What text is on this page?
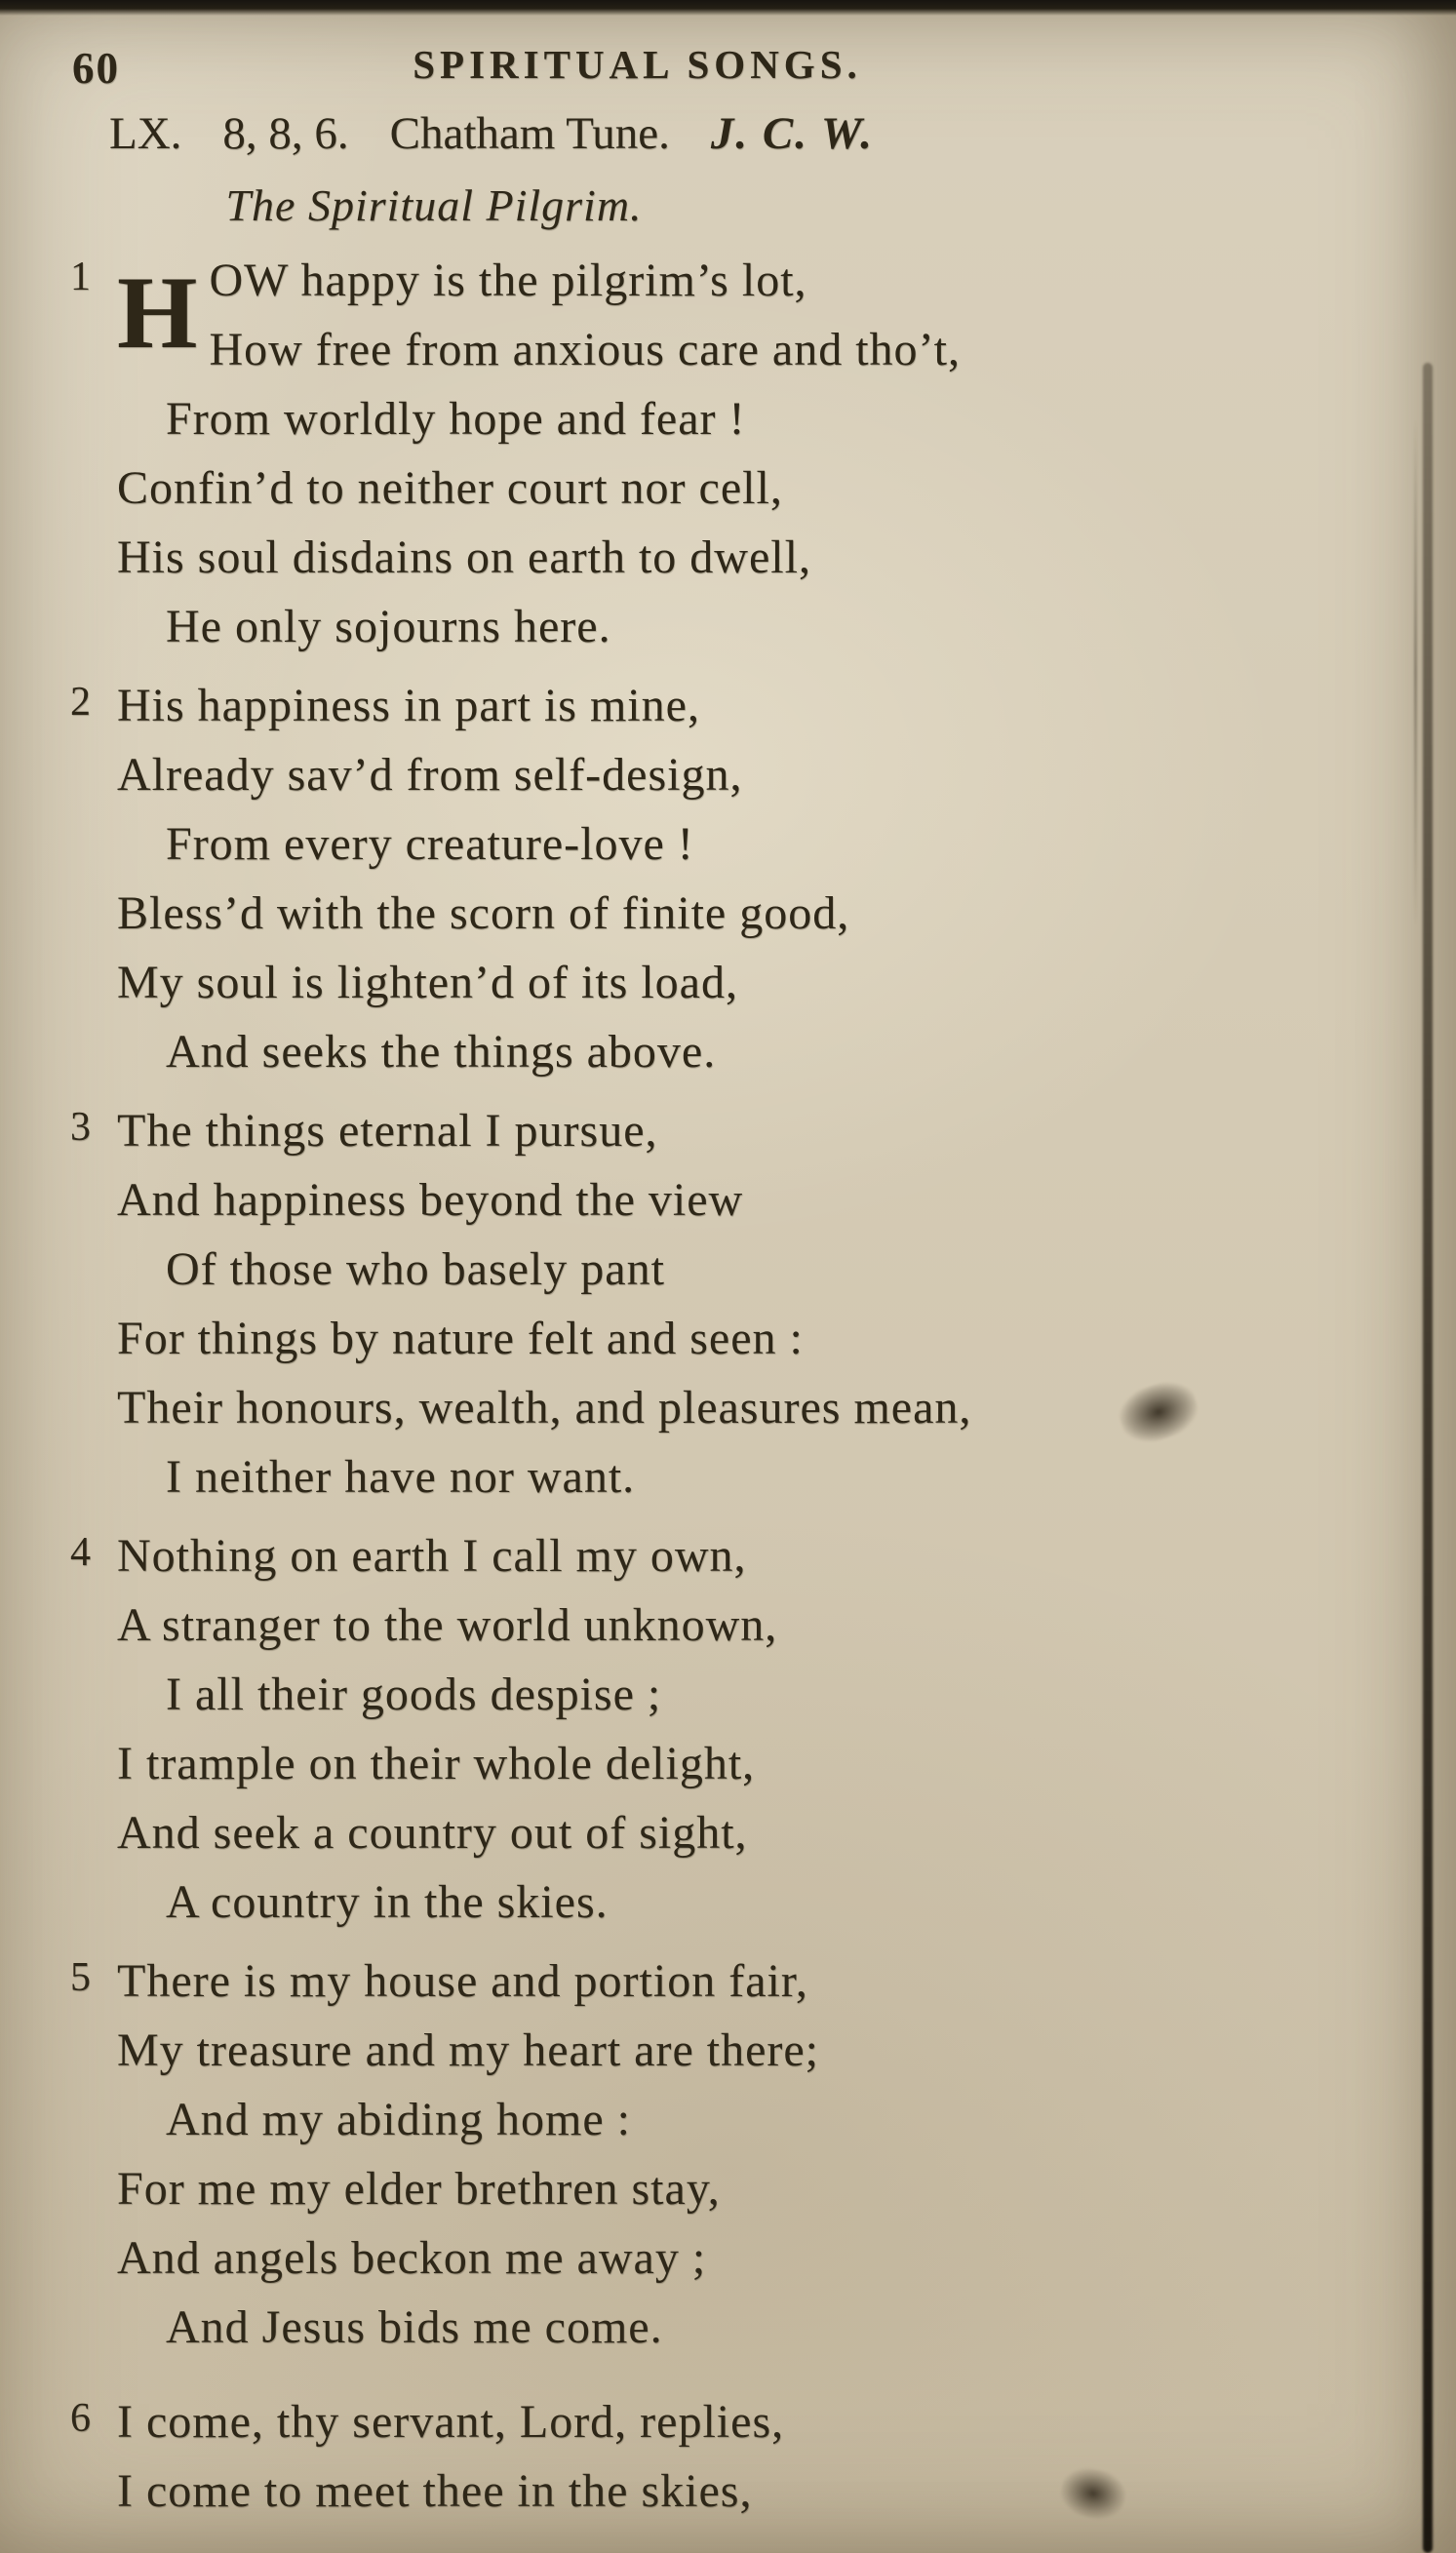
60	SPIRITUAL SONGS.
LX. 8, 8, 6. Chatham Tune. J. C. W.
The Spiritual Pilgrim.
1 H OW happy is the pilgrim’s lot,
How free from anxious care and tho’t,
From worldly hope and fear !
Confin’d to neither court nor cell,
His soul disdains on earth to dwell,
He only sojourns here.
2 His happiness in part is mine,
Already sav’d from self-design,
From every creature-love !
Bless’d with the scorn of finite good,
My soul is lighten’d of its load,
And seeks the things above.
3 The things eternal I pursue,
And happiness beyond the view
Of those who basely pant
For things by nature felt and seen :
Their honours, wealth, and pleasures mean,
I neither have nor want.
4 Nothing on earth I call my own,
A stranger to the world unknown,
I all their goods despise ;
I trample on their whole delight,
And seek a country out of sight,
A country in the skies.
5 There is my house and portion fair,
My treasure and my heart are there;
And my abiding home :
For me my elder brethren stay,
And angels beckon me away ;
And Jesus bids me come.
6 I come, thy servant, Lord, replies,
I come to meet thee in the skies,
